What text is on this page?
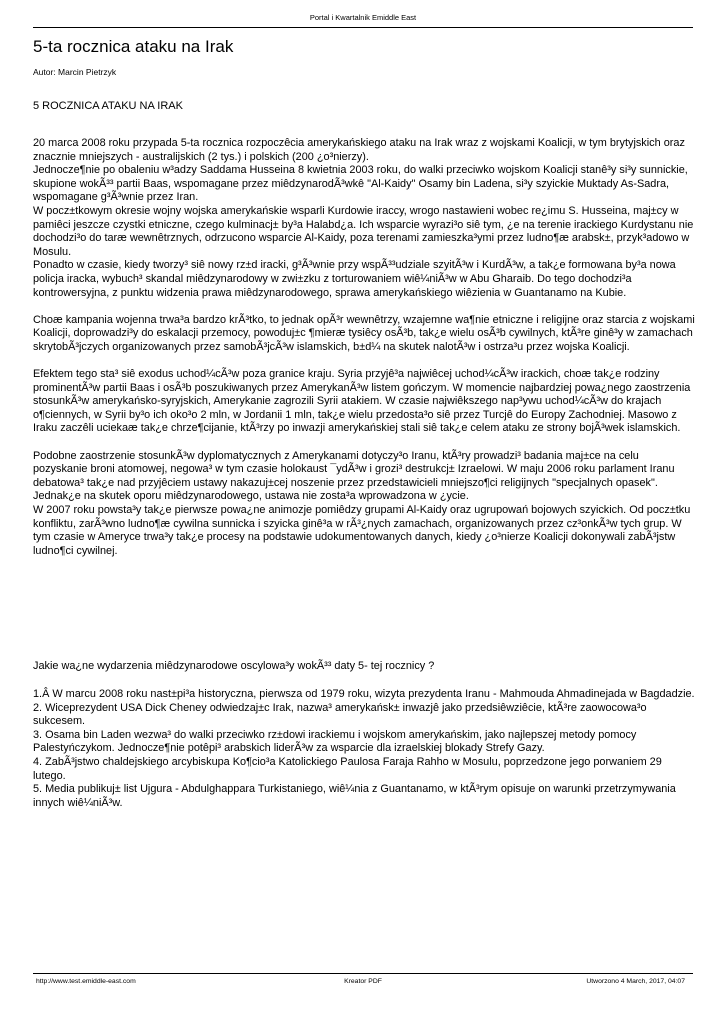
Portal i Kwartalnik Emiddle East
5-ta rocznica ataku na Irak
Autor: Marcin Pietrzyk
5 ROCZNICA ATAKU NA IRAK

20 marca 2008 roku przypada 5-ta rocznica rozpoczêcia amerykańskiego ataku na Irak wraz z wojskami Koalicji, w tym brytyjskich oraz znacznie mniejszych - australijskich (2 tys.) i polskich (200 ¿o³nierzy).

Jednocze¶nie po obaleniu w³adzy Saddama Husseina 8 kwietnia 2003 roku, do walki przeciwko wojskom Koalicji stanê³y si³y sunnickie, skupione wokÃ³³ partii Baas, wspomagane przez miêdzynarodÃ³wkê "Al-Kaidy" Osamy bin Ladena, si³y szyickie Muktady As-Sadra, wspomagane g³Ã³wnie przez Iran.

W pocz±tkowym okresie wojny wojska amerykańskie wsparli Kurdowie iraccy, wrogo nastawieni wobec re¿imu S. Husseina, maj±cy w pamiêci jeszcze czystki etniczne, czego kulminacj± by³a Halabd¿a. Ich wsparcie wyrazi³o siê tym, ¿e na terenie irackiego Kurdystanu nie dochodzi³o do taræ wewnêtrznych, odrzucono wsparcie Al-Kaidy, poza terenami zamieszka³ymi przez ludno¶æ arabsk±, przyk³adowo w Mosulu.

Ponadto w czasie, kiedy tworzy³ siê nowy rz±d iracki, g³Ã³wnie przy wspÃ³³udziale szyitÃ³w i KurdÃ³w, a tak¿e formowana by³a nowa policja iracka, wybuch³ skandal miêdzynarodowy w zwi±zku z torturowaniem wiê¼niÃ³w w Abu Gharaib. Do tego dochodzi³a kontrowersyjna, z punktu widzenia prawa miêdzynarodowego, sprawa amerykańskiego wiêzienia w Guantanamo na Kubie.

Choæ kampania wojenna trwa³a bardzo krÃ³tko, to jednak opÃ³r wewnêtrzy, wzajemne wa¶nie etniczne i religijne oraz starcia z wojskami Koalicji, doprowadzi³y do eskalacji przemocy, powoduj±c ¶mieræ tysiêcy osÃ³b, tak¿e wielu osÃ³b cywilnych, ktÃ³re ginê³y w zamachach skrytobÃ³jczych organizowanych przez samobÃ³jcÃ³w islamskich, b±d¼ na skutek nalotÃ³w i ostrza³u przez wojska Koalicji.

Efektem tego sta³ siê exodus uchod¼cÃ³w poza granice kraju. Syria przyjê³a najwiêcej uchod¼cÃ³w irackich, choæ tak¿e rodziny prominentÃ³w partii Baas i osÃ³b poszukiwanych przez AmerykanÃ³w listem gończym. W momencie najbardziej powa¿nego zaostrzenia stosunkÃ³w amerykańsko-syryjskich, Amerykanie zagrozili Syrii atakiem. W czasie najwiêkszego nap³ywu uchod¼cÃ³w do krajach o¶ciennych, w Syrii by³o ich oko³o 2 mln, w Jordanii 1 mln, tak¿e wielu przedosta³o siê przez Turcjê do Europy Zachodniej. Masowo z Iraku zaczêli uciekaæ tak¿e chrze¶cijanie, ktÃ³rzy po inwazji amerykańskiej stali siê tak¿e celem ataku ze strony bojÃ³wek islamskich.

Podobne zaostrzenie stosunkÃ³w dyplomatycznych z Amerykanami dotyczy³o Iranu, ktÃ³ry prowadzi³ badania maj±ce na celu pozyskanie broni atomowej, negowa³ w tym czasie holokaust ¯ydÃ³w i grozi³ destrukcj± Izraelowi. W maju 2006 roku parlament Iranu debatowa³ tak¿e nad przyjêciem ustawy nakazuj±cej noszenie przez przedstawicieli mniejszo¶ci religijnych "specjalnych opasek". Jednak¿e na skutek oporu miêdzynarodowego, ustawa nie zosta³a wprowadzona w ¿ycie.

W 2007 roku powsta³y tak¿e pierwsze powa¿ne animozje pomiêdzy grupami Al-Kaidy oraz ugrupowań bojowych szyickich. Od pocz±tku konfliktu, zarÃ³wno ludno¶æ cywilna sunnicka i szyicka ginê³a w rÃ³¿nych zamachach, organizowanych przez cz³onkÃ³w tych grup. W tym czasie w Ameryce trwa³y tak¿e procesy na podstawie udokumentowanych danych, kiedy ¿o³nierze Koalicji dokonywali zabÃ³jstw ludno¶ci cywilnej.

Jakie wa¿ne wydarzenia miêdzynarodowe oscylowa³y wokÃ³³ daty 5- tej rocznicy ?

1.Â W marcu 2008 roku nast±pi³a historyczna, pierwsza od 1979 roku, wizyta prezydenta Iranu - Mahmouda Ahmadinejada w Bagdadzie.

2. Wiceprezydent USA Dick Cheney odwiedzaj±c Irak, nazwa³ amerykańsk± inwazjê jako przedsiêwziêcie, ktÃ³re zaowocowa³o sukcesem.

3. Osama bin Laden wezwa³ do walki przeciwko rz±dowi irackiemu i wojskom amerykańskim, jako najlepszej metody pomocy Palestyńczykom. Jednocze¶nie potêpi³ arabskich liderÃ³w za wsparcie dla izraelskiej blokady Strefy Gazy.

4. ZabÃ³jstwo chaldejskiego arcybiskupa Ko¶cio³a Katolickiego Paulosa Faraja Rahho w Mosulu, poprzedzone jego porwaniem 29 lutego.

5. Media publikuj± list Ujgura - Abdulghappara Turkistaniego, wiê¼nia z Guantanamo, w ktÃ³rym opisuje on warunki przetrzymywania innych wiê¼niÃ³w.

http://www.test.emiddle-east.com	Kreator PDF	Utworzono 4 March, 2017, 04:07
